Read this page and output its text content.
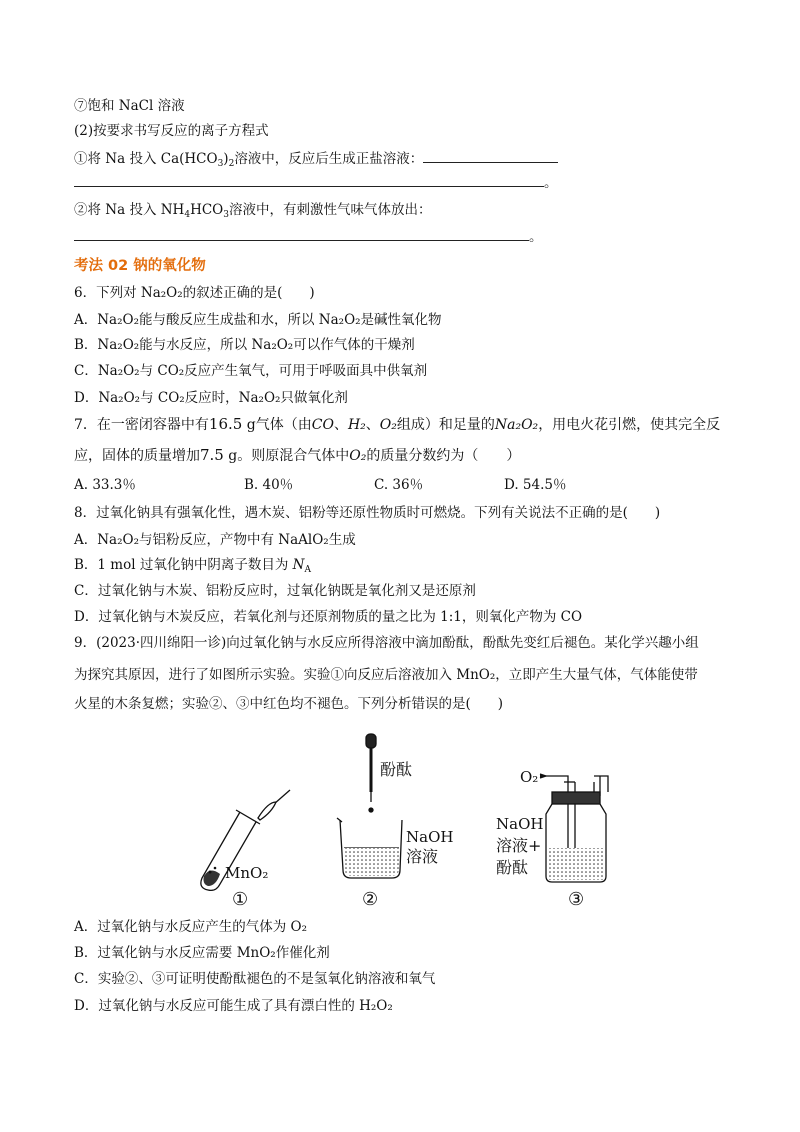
⑦饱和 NaCl 溶液
(2)按要求书写反应的离子方程式
①将 Na 投入 $Ca(HCO_3)_2$溶液中，反应后生成正盐溶液：
。
②将 Na 投入 $NH_4HCO_3$溶液中，有刺激性气味气体放出：
。
考法 02 钠的氧化物
6．下列对 Na₂O₂的叙述正确的是(　　)
A．Na₂O₂能与酸反应生成盐和水，所以 Na₂O₂是碱性氧化物
B．Na₂O₂能与水反应，所以 Na₂O₂可以作气体的干燥剂
C．Na₂O₂与 CO₂反应产生氧气，可用于呼吸面具中供氧剂
D．Na₂O₂与 CO₂反应时，Na₂O₂只做氧化剂
7．在一密闭容器中有16.5 g气体（由CO、H₂、O₂组成）和足量的Na₂O₂，用电火花引燃，使其完全反
应，固体的质量增加7.5 g。则原混合气体中O₂的质量分数约为（　　）
A. 33.3％	B. 40％	C. 36％	D. 54.5％
8．过氧化钠具有强氧化性，遇木炭、铝粉等还原性物质时可燃烧。下列有关说法不正确的是(　　)
A．Na₂O₂与铝粉反应，产物中有 NaAlO₂生成
B．1 mol 过氧化钠中阴离子数目为 $N_A$
C．过氧化钠与木炭、铝粉反应时，过氧化钠既是氧化剂又是还原剂
D．过氧化钠与木炭反应，若氧化剂与还原剂物质的量之比为 1:1，则氧化产物为 CO
9．(2023·四川绵阳一诊)向过氧化钠与水反应所得溶液中滴加酚酞，酚酞先变红后褪色。某化学兴趣小组
为探究其原因，进行了如图所示实验。实验①向反应后溶液加入 MnO₂，立即产生大量气体，气体能使带
火星的木条复燃；实验②、③中红色均不褪色。下列分析错误的是(　　)
MnO₂
①
酚酞
NaOH
溶液
②
O₂
NaOH
溶液+
酚酞
③
A．过氧化钠与水反应产生的气体为 O₂
B．过氧化钠与水反应需要 MnO₂作催化剂
C．实验②、③可证明使酚酞褪色的不是氢氧化钠溶液和氧气
D．过氧化钠与水反应可能生成了具有漂白性的 H₂O₂
